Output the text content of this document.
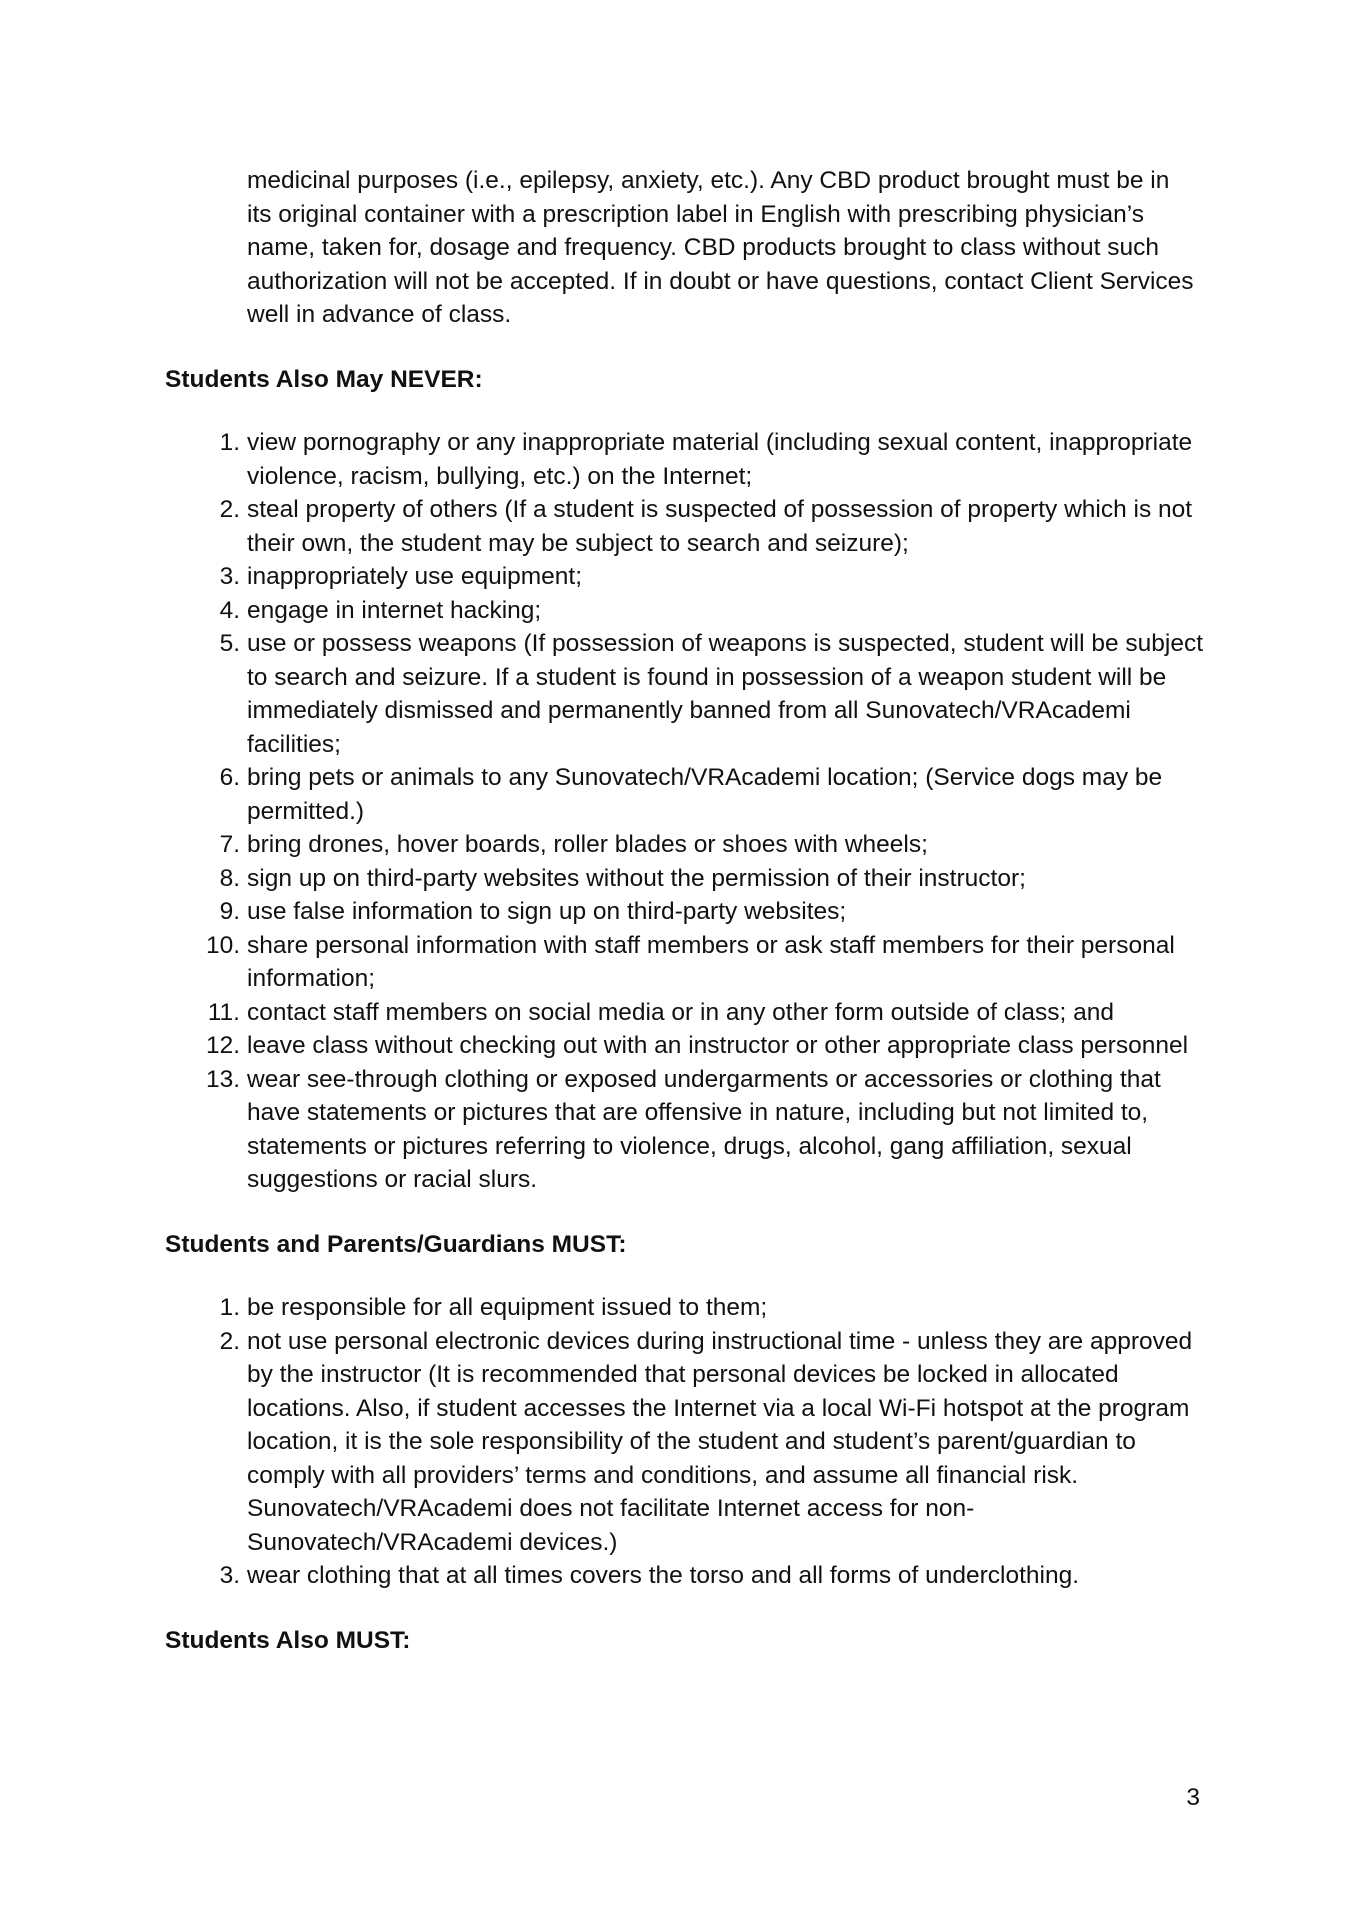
medicinal purposes (i.e., epilepsy, anxiety, etc.). Any CBD product brought must be in its original container with a prescription label in English with prescribing physician’s name, taken for, dosage and frequency. CBD products brought to class without such authorization will not be accepted. If in doubt or have questions, contact Client Services well in advance of class.

Students Also May NEVER:
1. view pornography or any inappropriate material (including sexual content, inappropriate violence, racism, bullying, etc.) on the Internet;
2. steal property of others (If a student is suspected of possession of property which is not their own, the student may be subject to search and seizure);
3. inappropriately use equipment;
4. engage in internet hacking;
5. use or possess weapons (If possession of weapons is suspected, student will be subject to search and seizure. If a student is found in possession of a weapon student will be immediately dismissed and permanently banned from all Sunovatech/VRAcademi facilities;
6. bring pets or animals to any Sunovatech/VRAcademi location; (Service dogs may be permitted.)
7. bring drones, hover boards, roller blades or shoes with wheels;
8. sign up on third-party websites without the permission of their instructor;
9. use false information to sign up on third-party websites;
10. share personal information with staff members or ask staff members for their personal information;
11. contact staff members on social media or in any other form outside of class; and
12. leave class without checking out with an instructor or other appropriate class personnel
13. wear see-through clothing or exposed undergarments or accessories or clothing that have statements or pictures that are offensive in nature, including but not limited to, statements or pictures referring to violence, drugs, alcohol, gang affiliation, sexual suggestions or racial slurs.
Students and Parents/Guardians MUST:
1. be responsible for all equipment issued to them;
2. not use personal electronic devices during instructional time - unless they are approved by the instructor (It is recommended that personal devices be locked in allocated locations. Also, if student accesses the Internet via a local Wi-Fi hotspot at the program location, it is the sole responsibility of the student and student’s parent/guardian to comply with all providers’ terms and conditions, and assume all financial risk. Sunovatech/VRAcademi does not facilitate Internet access for non-Sunovatech/VRAcademi devices.)
3. wear clothing that at all times covers the torso and all forms of underclothing.
Students Also MUST:
3
